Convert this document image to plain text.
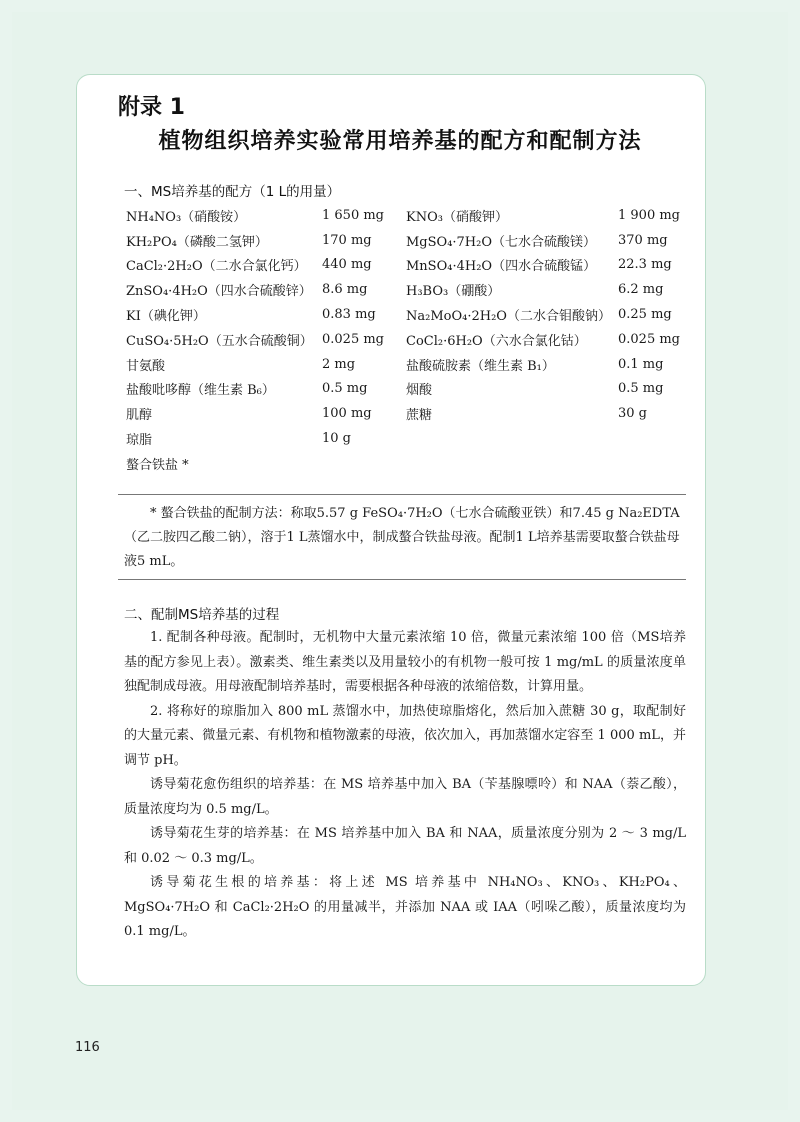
附录 1
植物组织培养实验常用培养基的配方和配制方法
一、MS培养基的配方（1 L的用量）
NH₄NO₃（硝酸铵）	1 650 mg	KNO₃（硝酸钾）	1 900 mg
KH₂PO₄（磷酸二氢钾）	170 mg	MgSO₄·7H₂O（七水合硫酸镁）	370 mg
CaCl₂·2H₂O（二水合氯化钙）	440 mg	MnSO₄·4H₂O（四水合硫酸锰）	22.3 mg
ZnSO₄·4H₂O（四水合硫酸锌）	8.6 mg	H₃BO₃（硼酸）	6.2 mg
KI（碘化钾）	0.83 mg	Na₂MoO₄·2H₂O（二水合钼酸钠）	0.25 mg
CuSO₄·5H₂O（五水合硫酸铜）	0.025 mg	CoCl₂·6H₂O（六水合氯化钴）	0.025 mg
甘氨酸	2 mg	盐酸硫胺素（维生素 B₁）	0.1 mg
盐酸吡哆醇（维生素 B₆）	0.5 mg	烟酸	0.5 mg
肌醇	100 mg	蔗糖	30 g
琼脂	10 g		
螯合铁盐 *			

* 螯合铁盐的配制方法：称取5.57 g FeSO₄·7H₂O（七水合硫酸亚铁）和7.45 g Na₂EDTA（乙二胺四乙酸二钠），溶于1 L蒸馏水中，制成螯合铁盐母液。配制1 L培养基需要取螯合铁盐母液5 mL。

二、配制MS培养基的过程

1. 配制各种母液。配制时，无机物中大量元素浓缩 10 倍，微量元素浓缩 100 倍（MS培养基的配方参见上表）。激素类、维生素类以及用量较小的有机物一般可按 1 mg/mL 的质量浓度单独配制成母液。用母液配制培养基时，需要根据各种母液的浓缩倍数，计算用量。

2. 将称好的琼脂加入 800 mL 蒸馏水中，加热使琼脂熔化，然后加入蔗糖 30 g，取配制好的大量元素、微量元素、有机物和植物激素的母液，依次加入，再加蒸馏水定容至 1 000 mL，并调节 pH。

诱导菊花愈伤组织的培养基：在 MS 培养基中加入 BA（苄基腺嘌呤）和 NAA（萘乙酸），质量浓度均为 0.5 mg/L。

诱导菊花生芽的培养基：在 MS 培养基中加入 BA 和 NAA，质量浓度分别为 2 ～ 3 mg/L 和 0.02 ～ 0.3 mg/L。

诱导菊花生根的培养基：将上述 MS 培养基中 NH₄NO₃、KNO₃、KH₂PO₄、MgSO₄·7H₂O 和 CaCl₂·2H₂O 的用量减半，并添加 NAA 或 IAA（吲哚乙酸），质量浓度均为 0.1 mg/L。

116
